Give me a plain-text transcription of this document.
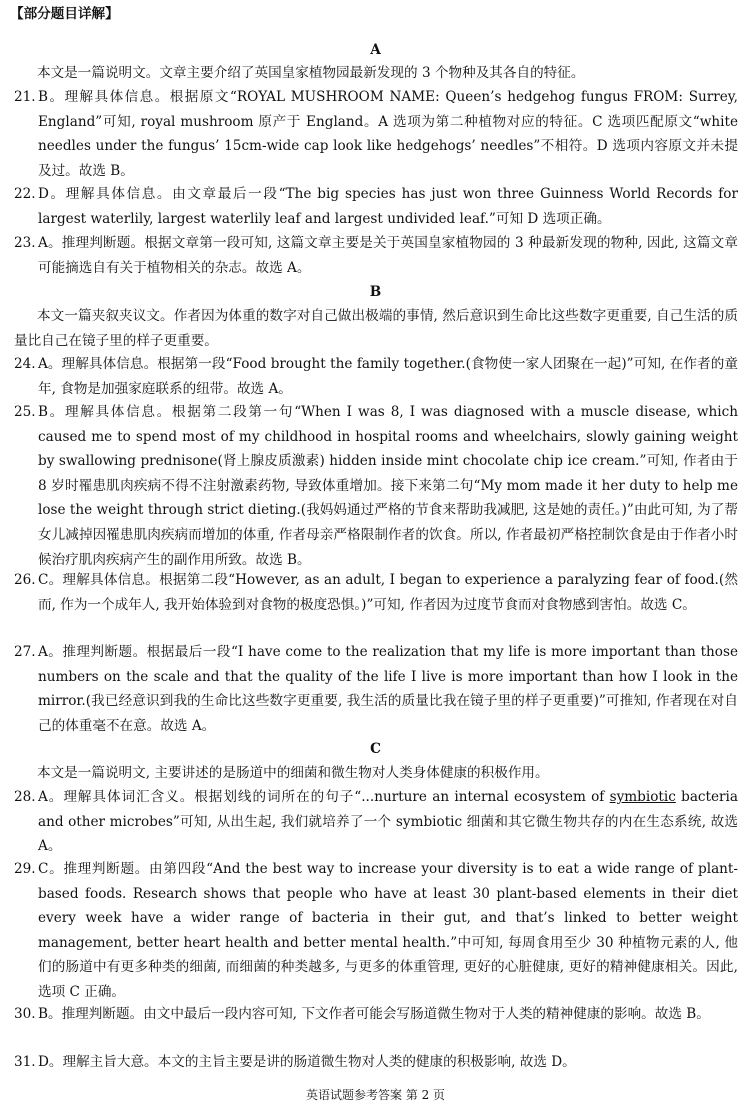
【部分题目详解】
A
本文是一篇说明文。文章主要介绍了英国皇家植物园最新发现的 3 个物种及其各自的特征。
21. B。理解具体信息。根据原文“ROYAL MUSHROOM NAME: Queen’s hedgehog fungus FROM: Surrey, England”可知, royal mushroom 原产于 England。A 选项为第二种植物对应的特征。C 选项匹配原文“white needles under the fungus’ 15cm-wide cap look like hedgehogs’ needles”不相符。D 选项内容原文并未提及过。故选 B。
22. D。理解具体信息。由文章最后一段“The big species has just won three Guinness World Records for largest waterlily, largest waterlily leaf and largest undivided leaf.”可知 D 选项正确。
23. A。推理判断题。根据文章第一段可知, 这篇文章主要是关于英国皇家植物园的 3 种最新发现的物种, 因此, 这篇文章可能摘选自有关于植物相关的杂志。故选 A。
B
本文一篇夹叙夹议文。作者因为体重的数字对自己做出极端的事情, 然后意识到生命比这些数字更重要, 自己生活的质量比自己在镜子里的样子更重要。
24. A。理解具体信息。根据第一段“Food brought the family together.(食物使一家人团聚在一起)”可知, 在作者的童年, 食物是加强家庭联系的纽带。故选 A。
25. B。理解具体信息。根据第二段第一句“When I was 8, I was diagnosed with a muscle disease, which caused me to spend most of my childhood in hospital rooms and wheelchairs, slowly gaining weight by swallowing prednisone(肾上腺皮质激素) hidden inside mint chocolate chip ice cream.”可知, 作者由于 8 岁时罹患肌肉疾病不得不注射激素药物, 导致体重增加。接下来第二句“My mom made it her duty to help me lose the weight through strict dieting.(我妈妈通过严格的节食来帮助我减肥, 这是她的责任。)”由此可知, 为了帮女儿减掉因罹患肌肉疾病而增加的体重, 作者母亲严格限制作者的饮食。所以, 作者最初严格控制饮食是由于作者小时候治疗肌肉疾病产生的副作用所致。故选 B。
26. C。理解具体信息。根据第二段“However, as an adult, I began to experience a paralyzing fear of food.(然而, 作为一个成年人, 我开始体验到对食物的极度恐惧。)”可知, 作者因为过度节食而对食物感到害怕。故选 C。
27. A。推理判断题。根据最后一段“I have come to the realization that my life is more important than those numbers on the scale and that the quality of the life I live is more important than how I look in the mirror.(我已经意识到我的生命比这些数字更重要, 我生活的质量比我在镜子里的样子更重要)”可推知, 作者现在对自己的体重毫不在意。故选 A。
C
本文是一篇说明文, 主要讲述的是肠道中的细菌和微生物对人类身体健康的积极作用。
28. A。理解具体词汇含义。根据划线的词所在的句子“...nurture an internal ecosystem of symbiotic bacteria and other microbes”可知, 从出生起, 我们就培养了一个 symbiotic 细菌和其它微生物共存的内在生态系统, 故选 A。
29. C。推理判断题。由第四段“And the best way to increase your diversity is to eat a wide range of plant-based foods. Research shows that people who have at least 30 plant-based elements in their diet every week have a wider range of bacteria in their gut, and that’s linked to better weight management, better heart health and better mental health.”中可知, 每周食用至少 30 种植物元素的人, 他们的肠道中有更多种类的细菌, 而细菌的种类越多, 与更多的体重管理, 更好的心脏健康, 更好的精神健康相关。因此, 选项 C 正确。
30. B。推理判断题。由文中最后一段内容可知, 下文作者可能会写肠道微生物对于人类的精神健康的影响。故选 B。
31. D。理解主旨大意。本文的主旨主要是讲的肠道微生物对人类的健康的积极影响, 故选 D。
英语试题参考答案 第 2 页
